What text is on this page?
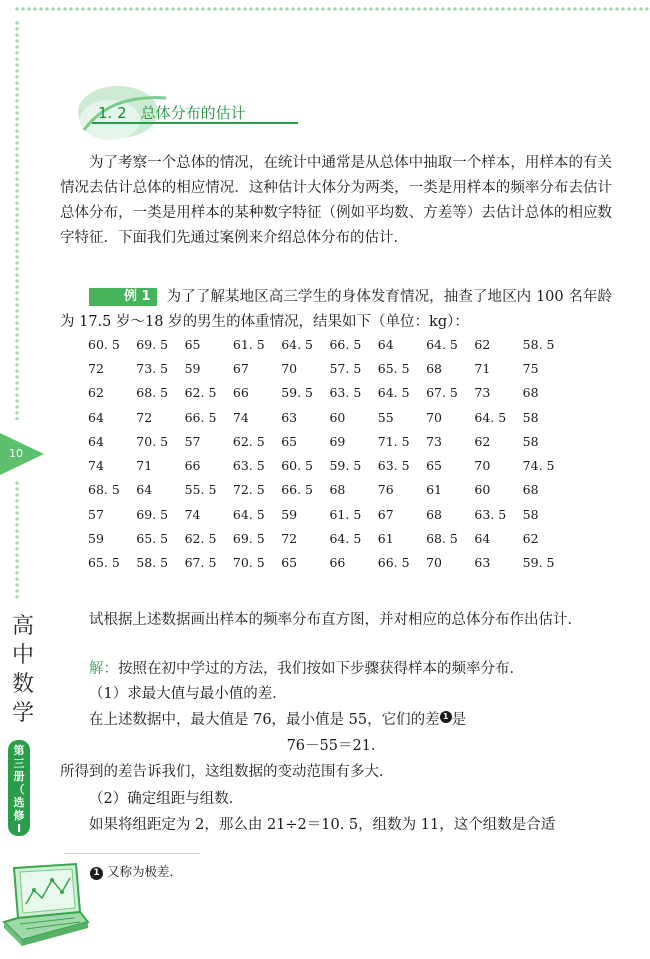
10
1. 2 总体分布的估计
为了考察一个总体的情况，在统计中通常是从总体中抽取一个样本，用样本的有关情况去估计总体的相应情况．这种估计大体分为两类，一类是用样本的频率分布去估计总体分布，一类是用样本的某种数字特征（例如平均数、方差等）去估计总体的相应数字特征．下面我们先通过案例来介绍总体分布的估计．
例 1 为了了解某地区高三学生的身体发育情况，抽查了地区内 100 名年龄为 17.5 岁～18 岁的男生的体重情况，结果如下（单位：kg）：
60. 5	69. 5	65	61. 5	64. 5	66. 5	64	64. 5	62	58. 5
72	73. 5	59	67	70	57. 5	65. 5	68	71	75
62	68. 5	62. 5	66	59. 5	63. 5	64. 5	67. 5	73	68
64	72	66. 5	74	63	60	55	70	64. 5	58
64	70. 5	57	62. 5	65	69	71. 5	73	62	58
74	71	66	63. 5	60. 5	59. 5	63. 5	65	70	74. 5
68. 5	64	55. 5	72. 5	66. 5	68	76	61	60	68
57	69. 5	74	64. 5	59	61. 5	67	68	63. 5	58
59	65. 5	62. 5	69. 5	72	64. 5	61	68. 5	64	62
65. 5	58. 5	67. 5	70. 5	65	66	66. 5	70	63	59. 5
试根据上述数据画出样本的频率分布直方图，并对相应的总体分布作出估计．
解：按照在初中学过的方法，我们按如下步骤获得样本的频率分布．
（1）求最大值与最小值的差．
在上述数据中，最大值是 76，最小值是 55，它们的差 1 是
76－55＝21．
所得到的差告诉我们，这组数据的变动范围有多大．
（2）确定组距与组数．
如果将组距定为 2，那么由 21÷2＝10. 5，组数为 11，这个组数是合适
1 又称为极差．
高
中
数
学
第
三
册
（
选
修
Ⅰ
）
